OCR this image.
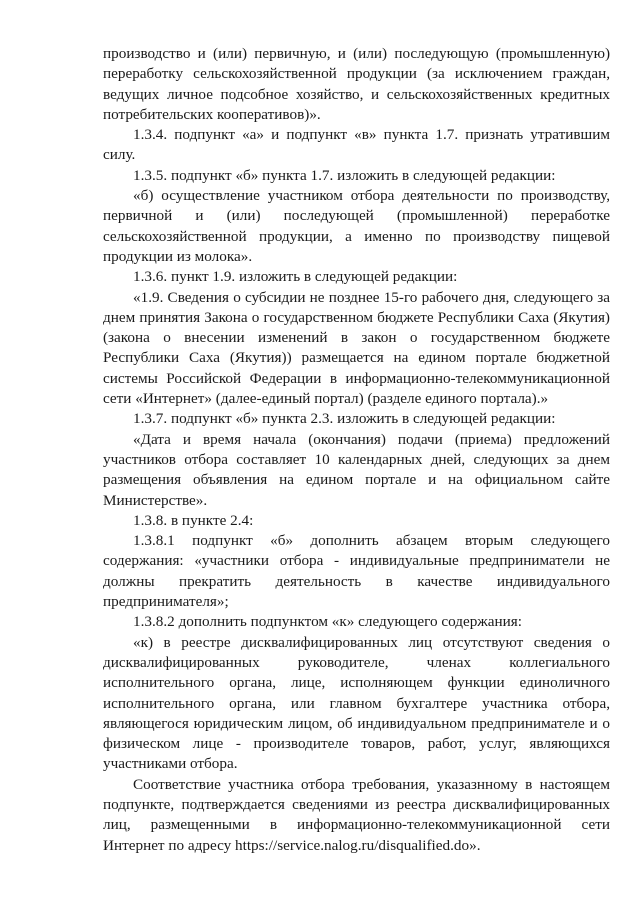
производство и (или) первичную, и (или) последующую (промышленную) переработку сельскохозяйственной продукции (за исключением граждан, ведущих личное подсобное хозяйство, и сельскохозяйственных кредитных потребительских кооперативов)».

1.3.4. подпункт «а» и подпункт «в» пункта 1.7. признать утратившим силу.

1.3.5. подпункт «б» пункта 1.7. изложить в следующей редакции:

«б) осуществление участником отбора деятельности по производству, первичной и (или) последующей (промышленной) переработке сельскохозяйственной продукции, а именно по производству пищевой продукции из молока».

1.3.6. пункт 1.9. изложить в следующей редакции:

«1.9. Сведения о субсидии не позднее 15-го рабочего дня, следующего за днем принятия Закона о государственном бюджете Республики Саха (Якутия) (закона о внесении изменений в закон о государственном бюджете Республики Саха (Якутия)) размещается на едином портале бюджетной системы Российской Федерации в информационно-телекоммуникационной сети «Интернет» (далее-единый портал) (разделе единого портала).»

1.3.7. подпункт «б» пункта 2.3. изложить в следующей редакции:

«Дата и время начала (окончания) подачи (приема) предложений участников отбора составляет 10 календарных дней, следующих за днем размещения объявления на едином портале и на официальном сайте Министерстве».

1.3.8. в пункте 2.4:

1.3.8.1 подпункт «б» дополнить абзацем вторым следующего содержания: «участники отбора - индивидуальные предприниматели не должны прекратить деятельность в качестве индивидуального предпринимателя»;

1.3.8.2 дополнить подпунктом «к» следующего содержания:

«к) в реестре дисквалифицированных лиц отсутствуют сведения о дисквалифицированных руководителе, членах коллегиального исполнительного органа, лице, исполняющем функции единоличного исполнительного органа, или главном бухгалтере участника отбора, являющегося юридическим лицом, об индивидуальном предпринимателе и о физическом лице - производителе товаров, работ, услуг, являющихся участниками отбора.

Соответствие участника отбора требования, указазнному в настоящем подпункте, подтверждается сведениями из реестра дисквалифицированных лиц, размещенными в информационно-телекоммуникационной сети Интернет по адресу https://service.nalog.ru/disqualified.do».
